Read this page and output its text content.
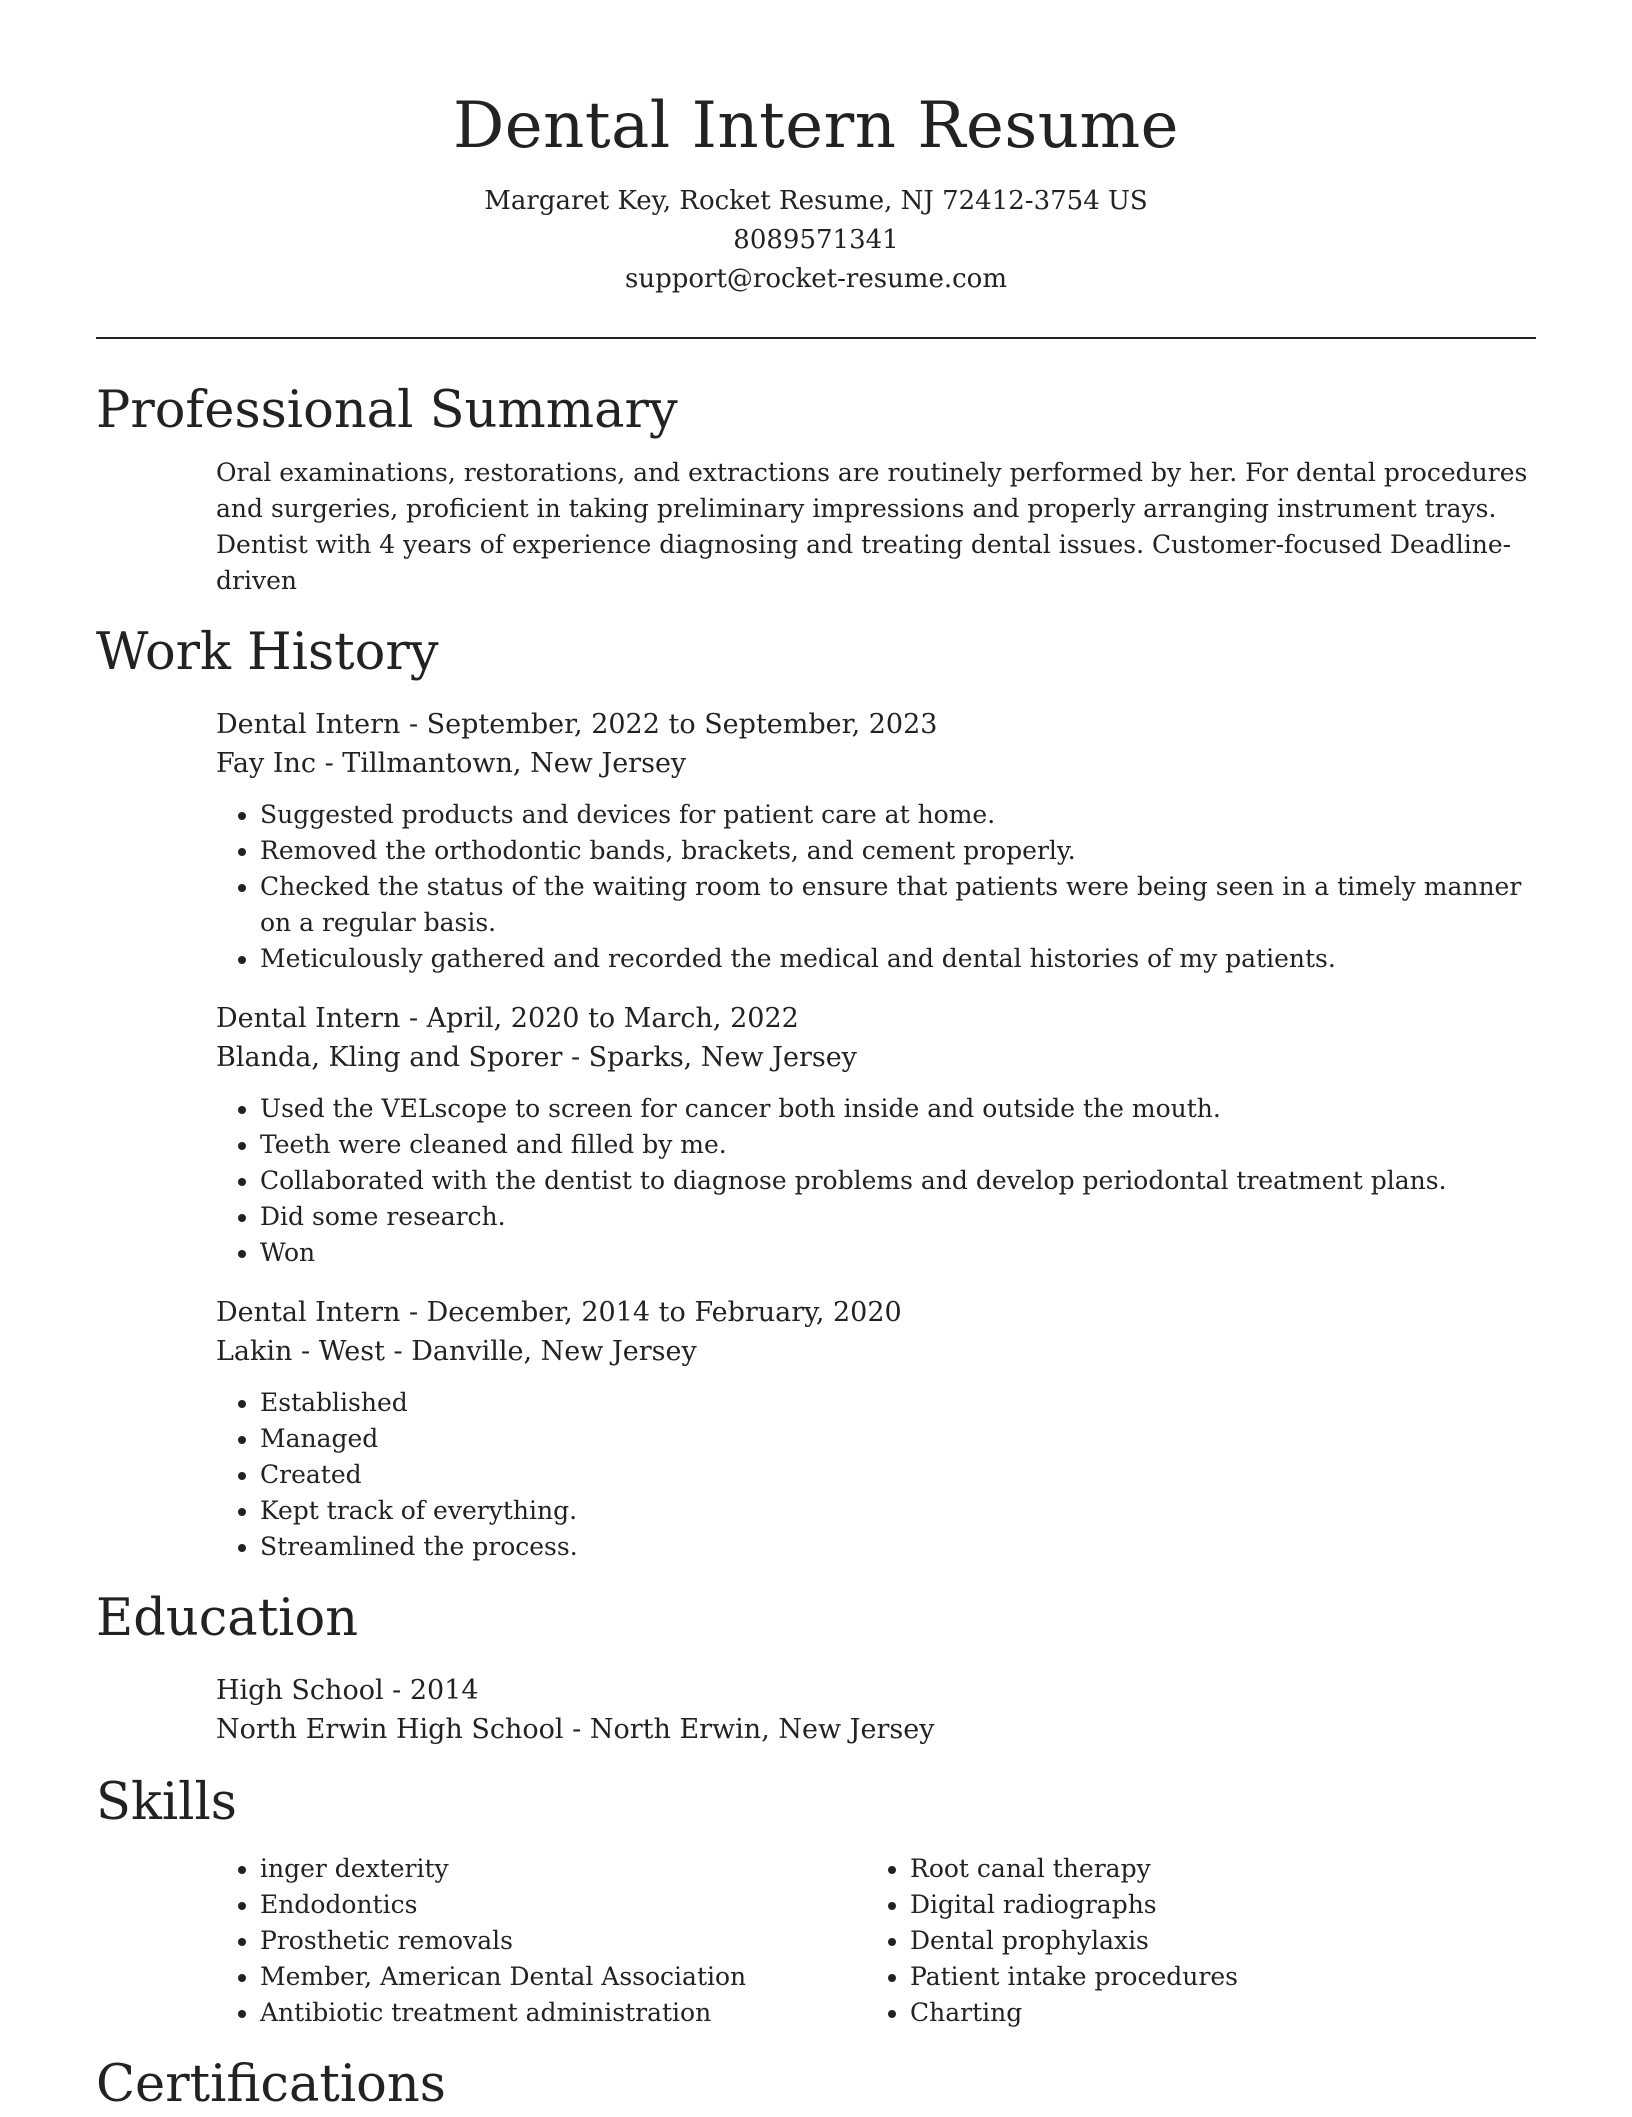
Dental Intern Resume
Margaret Key, Rocket Resume, NJ 72412-3754 US
8089571341
support@rocket-resume.com
Professional Summary
Oral examinations, restorations, and extractions are routinely performed by her. For dental procedures and surgeries, proficient in taking preliminary impressions and properly arranging instrument trays. Dentist with 4 years of experience diagnosing and treating dental issues. Customer-focused Deadline-driven
Work History
Dental Intern - September, 2022 to September, 2023
Fay Inc - Tillmantown, New Jersey
• Suggested products and devices for patient care at home.
• Removed the orthodontic bands, brackets, and cement properly.
• Checked the status of the waiting room to ensure that patients were being seen in a timely manner on a regular basis.
• Meticulously gathered and recorded the medical and dental histories of my patients.
Dental Intern - April, 2020 to March, 2022
Blanda, Kling and Sporer - Sparks, New Jersey
• Used the VELscope to screen for cancer both inside and outside the mouth.
• Teeth were cleaned and filled by me.
• Collaborated with the dentist to diagnose problems and develop periodontal treatment plans.
• Did some research.
• Won
Dental Intern - December, 2014 to February, 2020
Lakin - West - Danville, New Jersey
• Established
• Managed
• Created
• Kept track of everything.
• Streamlined the process.
Education
High School - 2014
North Erwin High School - North Erwin, New Jersey
Skills
• inger dexterity
• Endodontics
• Prosthetic removals
• Member, American Dental Association
• Antibiotic treatment administration
• Root canal therapy
• Digital radiographs
• Dental prophylaxis
• Patient intake procedures
• Charting
Certifications
